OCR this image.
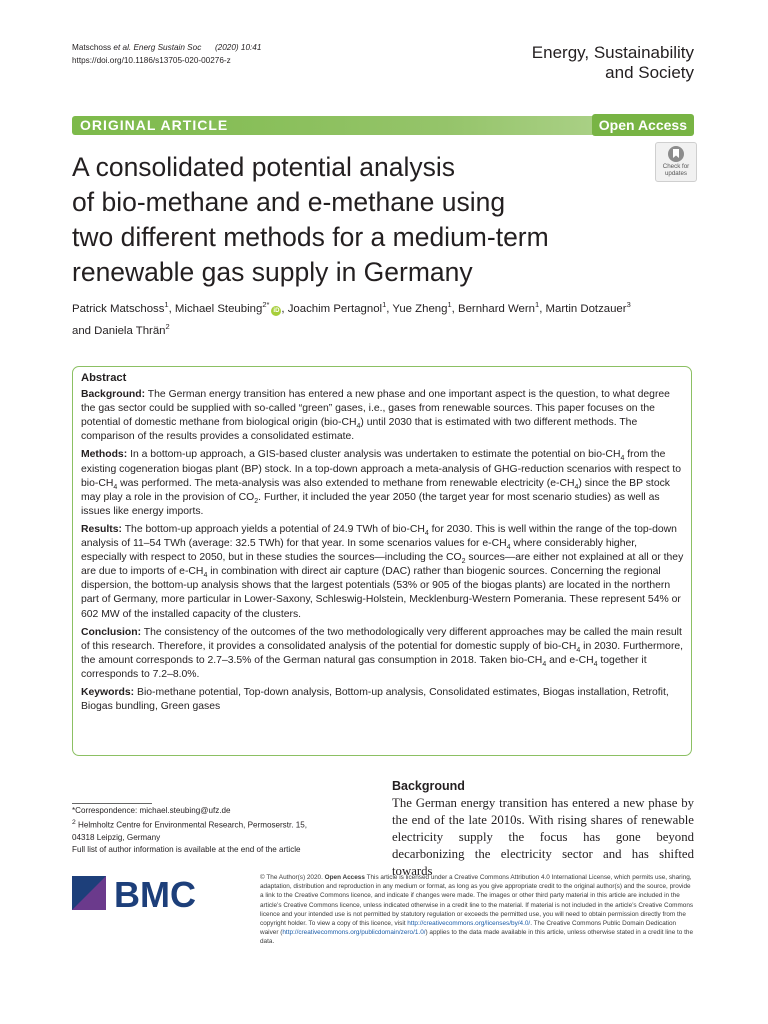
Matschoss et al. Energ Sustain Soc (2020) 10:41
https://doi.org/10.1186/s13705-020-00276-z	Energy, Sustainability
and Society
ORIGINAL ARTICLE	Open Access
Check for
updates
A consolidated potential analysis
of bio-methane and e-methane using
two different methods for a medium-term
renewable gas supply in Germany
Patrick Matschoss$^1$, Michael Steubing$^{2*}$iD , Joachim Pertagnol$^1$, Yue Zheng$^1$, Bernhard Wern$^1$, Martin Dotzauer$^3$
and Daniela Thrän$^2$
Abstract

Background: The German energy transition has entered a new phase and one important aspect is the question, to what degree the gas sector could be supplied with so-called “green” gases, i.e., gases from renewable sources. This paper focuses on the potential of domestic methane from biological origin $(bio-CH_4)$ until 2030 that is estimated with two different methods. The comparison of the results provides a consolidated estimate.

Methods: In a bottom-up approach, a GIS-based cluster analysis was undertaken to estimate the potential on bio-$CH_4$ from the existing cogeneration biogas plant (BP) stock. In a top-down approach a meta-analysis of GHG-reduction scenarios with respect to bio-$CH_4$ was performed. The meta-analysis was also extended to methane from renewable electricity $(e-CH_4)$ since the BP stock may play a role in the provision of $CO_2$. Further, it included the year 2050 (the target year for most scenario studies) as well as issues like energy imports.

Results: The bottom-up approach yields a potential of 24.9 TWh of bio-$CH_4$ for 2030. This is well within the range of the top-down analysis of 11–54 TWh (average: 32.5 TWh) for that year. In some scenarios values for $e-CH_4$ where considerably higher, especially with respect to 2050, but in these studies the sources—including the $CO_2$ sources—are either not explained at all or they are due to imports of $e-CH_4$ in combination with direct air capture (DAC) rather than biogenic sources. Concerning the regional dispersion, the bottom-up analysis shows that the largest potentials (53% or 905 of the biogas plants) are located in the northern part of Germany, more particular in Lower-Saxony, Schleswig-Holstein, Mecklenburg-Western Pomerania. These represent 54% or 602 MW of the installed capacity of the clusters.

Conclusion: The consistency of the outcomes of the two methodologically very different approaches may be called the main result of this research. Therefore, it provides a consolidated analysis of the potential for domestic supply of bio-$CH_4$ in 2030. Furthermore, the amount corresponds to 2.7–3.5% of the German natural gas consumption in 2018. Taken bio-$CH_4$ and $e-CH_4$ together it corresponds to 7.2–8.0%.

Keywords: Bio-methane potential, Top-down analysis, Bottom-up analysis, Consolidated estimates, Biogas installation, Retrofit, Biogas bundling, Green gases

*Correspondence: michael.steubing@ufz.de
$^2$ Helmholtz Centre for Environmental Research, Permoserstr. 15,
04318 Leipzig, Germany
Full list of author information is available at the end of the article
Background
The German energy transition has entered a new phase by the end of the late 2010s. With rising shares of renewable electricity supply the focus has gone beyond decarbonizing the electricity sector and has shifted towards
BMC	© The Author(s) 2020. Open Access This article is licensed under a Creative Commons Attribution 4.0 International License, which permits use, sharing, adaptation, distribution and reproduction in any medium or format, as long as you give appropriate credit to the original author(s) and the source, provide a link to the Creative Commons licence, and indicate if changes were made. The images or other third party material in this article are included in the article’s Creative Commons licence, unless indicated otherwise in a credit line to the material. If material is not included in the article’s Creative Commons licence and your intended use is not permitted by statutory regulation or exceeds the permitted use, you will need to obtain permission directly from the copyright holder. To view a copy of this licence, visit http://creativecommons.org/licenses/by/4.0/. The Creative Commons Public Domain Dedication waiver (http://creativecommons.org/publicdomain/zero/1.0/) applies to the data made available in this article, unless otherwise stated in a credit line to the data.
